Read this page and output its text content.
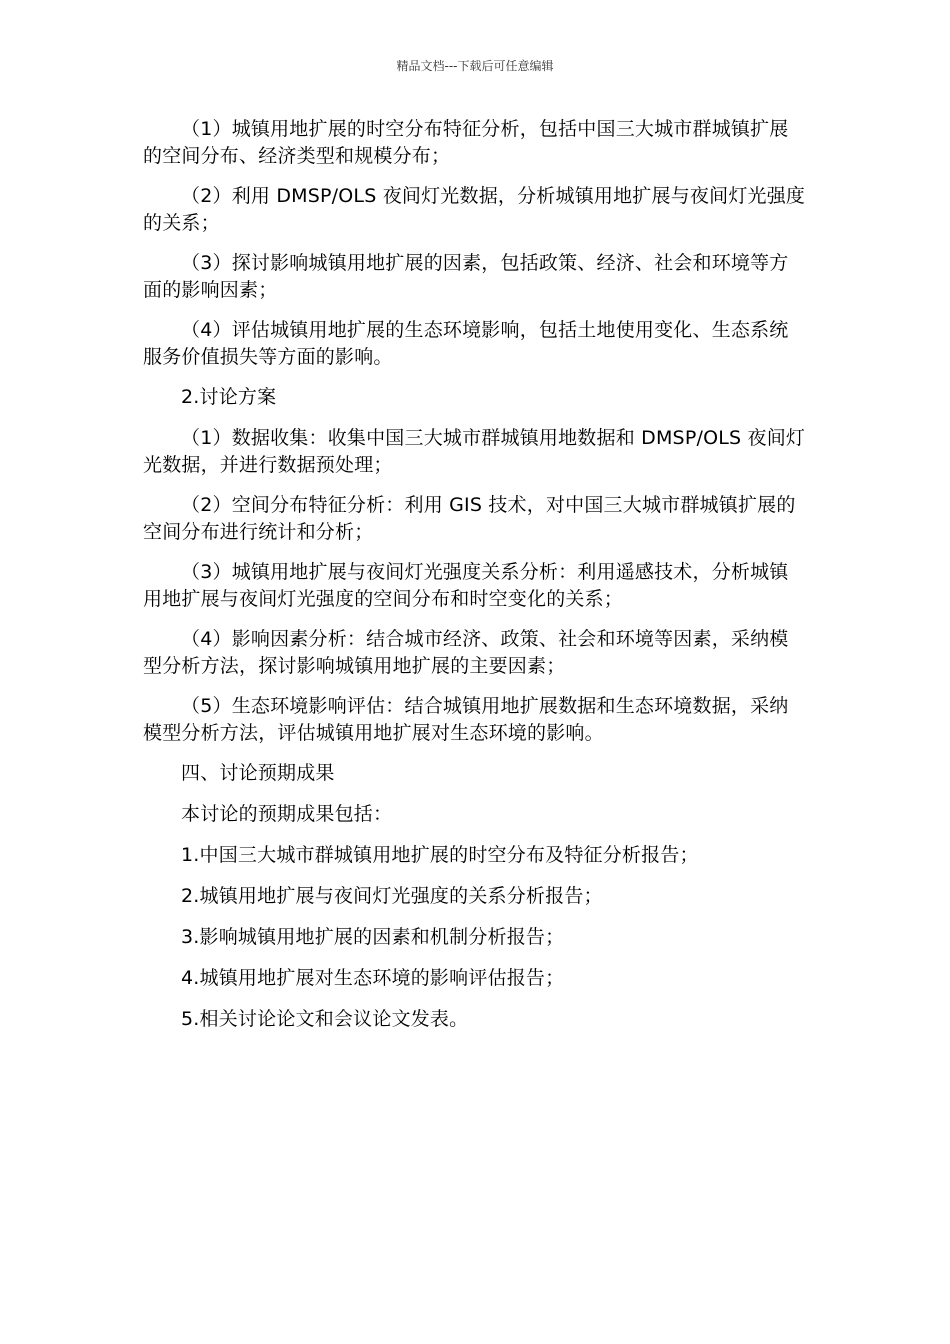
精品文档---下载后可任意编辑

（1）城镇用地扩展的时空分布特征分析，包括中国三大城市群城镇扩展的空间分布、经济类型和规模分布；

（2）利用 DMSP/OLS 夜间灯光数据，分析城镇用地扩展与夜间灯光强度的关系；

（3）探讨影响城镇用地扩展的因素，包括政策、经济、社会和环境等方面的影响因素；

（4）评估城镇用地扩展的生态环境影响，包括土地使用变化、生态系统服务价值损失等方面的影响。

2.讨论方案

（1）数据收集：收集中国三大城市群城镇用地数据和 DMSP/OLS 夜间灯光数据，并进行数据预处理；

（2）空间分布特征分析：利用 GIS 技术，对中国三大城市群城镇扩展的空间分布进行统计和分析；

（3）城镇用地扩展与夜间灯光强度关系分析：利用遥感技术，分析城镇用地扩展与夜间灯光强度的空间分布和时空变化的关系；

（4）影响因素分析：结合城市经济、政策、社会和环境等因素，采纳模型分析方法，探讨影响城镇用地扩展的主要因素；

（5）生态环境影响评估：结合城镇用地扩展数据和生态环境数据，采纳模型分析方法，评估城镇用地扩展对生态环境的影响。

四、讨论预期成果

本讨论的预期成果包括：

1.中国三大城市群城镇用地扩展的时空分布及特征分析报告；

2.城镇用地扩展与夜间灯光强度的关系分析报告；

3.影响城镇用地扩展的因素和机制分析报告；

4.城镇用地扩展对生态环境的影响评估报告；

5.相关讨论论文和会议论文发表。
